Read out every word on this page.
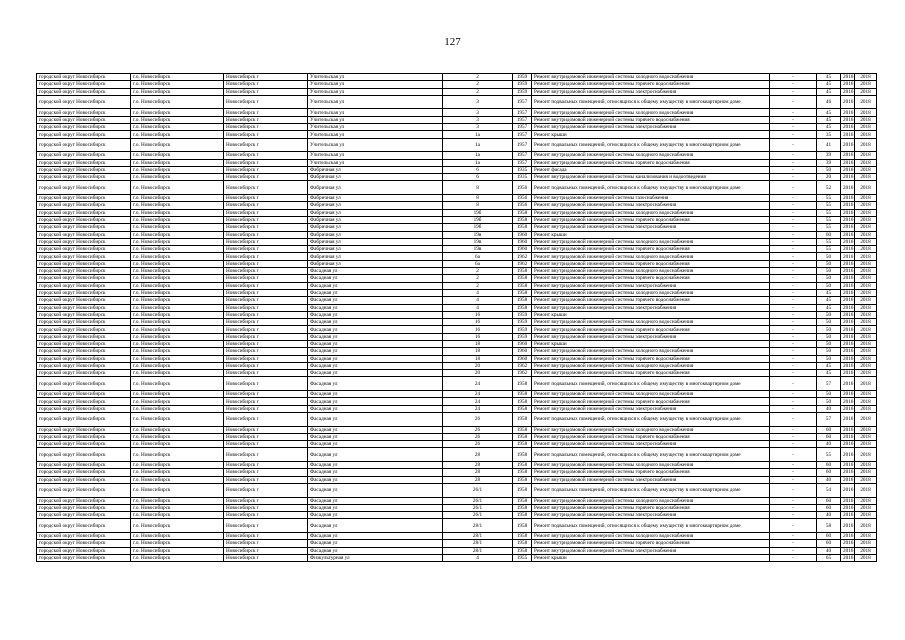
127
городской округ Новосибирск	г.о. Новосибирск	Новосибирск г	Учительская ул	2	1959	Ремонт внутридомовой инженерной системы холодного водоснабжения	-	45	2016	2018
городской округ Новосибирск	г.о. Новосибирск	Новосибирск г	Учительская ул	2	1959	Ремонт внутридомовой инженерной системы горячего водоснабжения	-	45	2016	2018
городской округ Новосибирск	г.о. Новосибирск	Новосибирск г	Учительская ул	2	1959	Ремонт внутридомовой инженерной системы электроснабжения	-	45	2016	2018
городской округ Новосибирск	г.о. Новосибирск	Новосибирск г	Учительская ул	3	1957	Ремонт подвальных помещений, относящихся к общему имуществу в многоквартирном доме	-	46	2016	2018
городской округ Новосибирск	г.о. Новосибирск	Новосибирск г	Учительская ул	3	1957	Ремонт внутридомовой инженерной системы холодного водоснабжения	-	45	2016	2018
городской округ Новосибирск	г.о. Новосибирск	Новосибирск г	Учительская ул	3	1957	Ремонт внутридомовой инженерной системы горячего водоснабжения	-	45	2016	2018
городской округ Новосибирск	г.о. Новосибирск	Новосибирск г	Учительская ул	3	1957	Ремонт внутридомовой инженерной системы электроснабжения	-	45	2016	2018
городской округ Новосибирск	г.о. Новосибирск	Новосибирск г	Учительская ул	1а	1957	Ремонт крыши	-	35	2016	2018
городской округ Новосибирск	г.о. Новосибирск	Новосибирск г	Учительская ул	1а	1957	Ремонт подвальных помещений, относящихся к общему имуществу в многоквартирном доме	-	41	2016	2018
городской округ Новосибирск	г.о. Новосибирск	Новосибирск г	Учительская ул	1а	1957	Ремонт внутридомовой инженерной системы холодного водоснабжения	-	39	2016	2018
городской округ Новосибирск	г.о. Новосибирск	Новосибирск г	Учительская ул	1а	1957	Ремонт внутридомовой инженерной системы горячего водоснабжения	-	39	2016	2018
городской округ Новосибирск	г.о. Новосибирск	Новосибирск г	Фабричная ул	6	1935	Ремонт фасада	-	50	2016	2018
городской округ Новосибирск	г.о. Новосибирск	Новосибирск г	Фабричная ул	6	1935	Ремонт внутридомовой инженерной системы канализования и водоотведения	-	20	2016	2018
городской округ Новосибирск	г.о. Новосибирск	Новосибирск г	Фабричная ул	8	1956	Ремонт подвальных помещений, относящихся к общему имуществу в многоквартирном доме	-	52	2016	2018
городской округ Новосибирск	г.о. Новосибирск	Новосибирск г	Фабричная ул	8	1956	Ремонт внутридомовой инженерной системы газоснабжения	-	55	2016	2018
городской округ Новосибирск	г.о. Новосибирск	Новосибирск г	Фабричная ул	8	1956	Ремонт внутридомовой инженерной системы электроснабжения	-	55	2016	2018
городской округ Новосибирск	г.о. Новосибирск	Новосибирск г	Фабричная ул	19б	1958	Ремонт внутридомовой инженерной системы холодного водоснабжения	-	55	2016	2018
городской округ Новосибирск	г.о. Новосибирск	Новосибирск г	Фабричная ул	19б	1958	Ремонт внутридомовой инженерной системы горячего водоснабжения	-	55	2016	2018
городской округ Новосибирск	г.о. Новосибирск	Новосибирск г	Фабричная ул	19б	1958	Ремонт внутридомовой инженерной системы электроснабжения	-	55	2016	2018
городской округ Новосибирск	г.о. Новосибирск	Новосибирск г	Фабричная ул	19в	1960	Ремонт крыши	-	60	2016	2018
городской округ Новосибирск	г.о. Новосибирск	Новосибирск г	Фабричная ул	19в	1960	Ремонт внутридомовой инженерной системы холодного водоснабжения	-	55	2016	2018
городской округ Новосибирск	г.о. Новосибирск	Новосибирск г	Фабричная ул	19в	1960	Ремонт внутридомовой инженерной системы горячего водоснабжения	-	55	2016	2018
городской округ Новосибирск	г.о. Новосибирск	Новосибирск г	Фабричная ул	6а	1962	Ремонт внутридомовой инженерной системы холодного водоснабжения	-	50	2016	2018
городской округ Новосибирск	г.о. Новосибирск	Новосибирск г	Фабричная ул	6а	1962	Ремонт внутридомовой инженерной системы горячего водоснабжения	-	50	2016	2018
городской округ Новосибирск	г.о. Новосибирск	Новосибирск г	Фасадная ул	2	1958	Ремонт внутридомовой инженерной системы холодного водоснабжения	-	50	2016	2018
городской округ Новосибирск	г.о. Новосибирск	Новосибирск г	Фасадная ул	2	1958	Ремонт внутридомовой инженерной системы горячего водоснабжения	-	50	2016	2018
городской округ Новосибирск	г.о. Новосибирск	Новосибирск г	Фасадная ул	2	1958	Ремонт внутридомовой инженерной системы электроснабжения	-	50	2016	2018
городской округ Новосибирск	г.о. Новосибирск	Новосибирск г	Фасадная ул	4	1958	Ремонт внутридомовой инженерной системы холодного водоснабжения	-	45	2016	2018
городской округ Новосибирск	г.о. Новосибирск	Новосибирск г	Фасадная ул	4	1958	Ремонт внутридомовой инженерной системы горячего водоснабжения	-	45	2016	2018
городской округ Новосибирск	г.о. Новосибирск	Новосибирск г	Фасадная ул	4	1958	Ремонт внутридомовой инженерной системы электроснабжения	-	45	2016	2018
городской округ Новосибирск	г.о. Новосибирск	Новосибирск г	Фасадная ул	16	1959	Ремонт крыши	-	50	2016	2018
городской округ Новосибирск	г.о. Новосибирск	Новосибирск г	Фасадная ул	16	1959	Ремонт внутридомовой инженерной системы холодного водоснабжения	-	50	2016	2018
городской округ Новосибирск	г.о. Новосибирск	Новосибирск г	Фасадная ул	16	1959	Ремонт внутридомовой инженерной системы горячего водоснабжения	-	50	2016	2018
городской округ Новосибирск	г.о. Новосибирск	Новосибирск г	Фасадная ул	16	1959	Ремонт внутридомовой инженерной системы электроснабжения	-	50	2016	2018
городской округ Новосибирск	г.о. Новосибирск	Новосибирск г	Фасадная ул	18	1960	Ремонт крыши	-	50	2016	2018
городской округ Новосибирск	г.о. Новосибирск	Новосибирск г	Фасадная ул	18	1960	Ремонт внутридомовой инженерной системы холодного водоснабжения	-	50	2016	2018
городской округ Новосибирск	г.о. Новосибирск	Новосибирск г	Фасадная ул	18	1960	Ремонт внутридомовой инженерной системы горячего водоснабжения	-	50	2016	2018
городской округ Новосибирск	г.о. Новосибирск	Новосибирск г	Фасадная ул	20	1962	Ремонт внутридомовой инженерной системы холодного водоснабжения	-	45	2016	2018
городской округ Новосибирск	г.о. Новосибирск	Новосибирск г	Фасадная ул	20	1962	Ремонт внутридомовой инженерной системы горячего водоснабжения	-	45	2016	2018
городской округ Новосибирск	г.о. Новосибирск	Новосибирск г	Фасадная ул	24	1958	Ремонт подвальных помещений, относящихся к общему имуществу в многоквартирном доме	-	57	2016	2018
городской округ Новосибирск	г.о. Новосибирск	Новосибирск г	Фасадная ул	24	1958	Ремонт внутридомовой инженерной системы холодного водоснабжения	-	50	2016	2018
городской округ Новосибирск	г.о. Новосибирск	Новосибирск г	Фасадная ул	24	1958	Ремонт внутридомовой инженерной системы горячего водоснабжения	-	50	2016	2018
городской округ Новосибирск	г.о. Новосибирск	Новосибирск г	Фасадная ул	24	1958	Ремонт внутридомовой инженерной системы электроснабжения	-	40	2016	2018
городской округ Новосибирск	г.о. Новосибирск	Новосибирск г	Фасадная ул	26	1958	Ремонт подвальных помещений, относящихся к общему имуществу в многоквартирном доме	-	57	2016	2018
городской округ Новосибирск	г.о. Новосибирск	Новосибирск г	Фасадная ул	26	1958	Ремонт внутридомовой инженерной системы холодного водоснабжения	-	60	2016	2018
городской округ Новосибирск	г.о. Новосибирск	Новосибирск г	Фасадная ул	26	1958	Ремонт внутридомовой инженерной системы горячего водоснабжения	-	60	2016	2018
городской округ Новосибирск	г.о. Новосибирск	Новосибирск г	Фасадная ул	26	1958	Ремонт внутридомовой инженерной системы электроснабжения	-	40	2016	2018
городской округ Новосибирск	г.о. Новосибирск	Новосибирск г	Фасадная ул	28	1958	Ремонт подвальных помещений, относящихся к общему имуществу в многоквартирном доме	-	55	2016	2018
городской округ Новосибирск	г.о. Новосибирск	Новосибирск г	Фасадная ул	28	1958	Ремонт внутридомовой инженерной системы холодного водоснабжения	-	60	2016	2018
городской округ Новосибирск	г.о. Новосибирск	Новосибирск г	Фасадная ул	28	1958	Ремонт внутридомовой инженерной системы горячего водоснабжения	-	60	2016	2018
городской округ Новосибирск	г.о. Новосибирск	Новосибирск г	Фасадная ул	28	1958	Ремонт внутридомовой инженерной системы электроснабжения	-	40	2016	2018
городской округ Новосибирск	г.о. Новосибирск	Новосибирск г	Фасадная ул	26/1	1958	Ремонт подвальных помещений, относящихся к общему имуществу в многоквартирном доме	-	54	2016	2018
городской округ Новосибирск	г.о. Новосибирск	Новосибирск г	Фасадная ул	26/1	1958	Ремонт внутридомовой инженерной системы холодного водоснабжения	-	60	2016	2018
городской округ Новосибирск	г.о. Новосибирск	Новосибирск г	Фасадная ул	26/1	1958	Ремонт внутридомовой инженерной системы горячего водоснабжения	-	60	2016	2018
городской округ Новосибирск	г.о. Новосибирск	Новосибирск г	Фасадная ул	26/1	1958	Ремонт внутридомовой инженерной системы электроснабжения	-	40	2016	2018
городской округ Новосибирск	г.о. Новосибирск	Новосибирск г	Фасадная ул	28/1	1958	Ремонт подвальных помещений, относящихся к общему имуществу в многоквартирном доме	-	58	2016	2018
городской округ Новосибирск	г.о. Новосибирск	Новосибирск г	Фасадная ул	28/1	1958	Ремонт внутридомовой инженерной системы холодного водоснабжения	-	60	2016	2018
городской округ Новосибирск	г.о. Новосибирск	Новосибирск г	Фасадная ул	28/1	1958	Ремонт внутридомовой инженерной системы горячего водоснабжения	-	60	2016	2018
городской округ Новосибирск	г.о. Новосибирск	Новосибирск г	Фасадная ул	28/1	1958	Ремонт внутридомовой инженерной системы электроснабжения	-	40	2016	2018
городской округ Новосибирск	г.о. Новосибирск	Новосибирск г	Физкультурная ул	4	1955	Ремонт крыши	-	65	2016	2018
